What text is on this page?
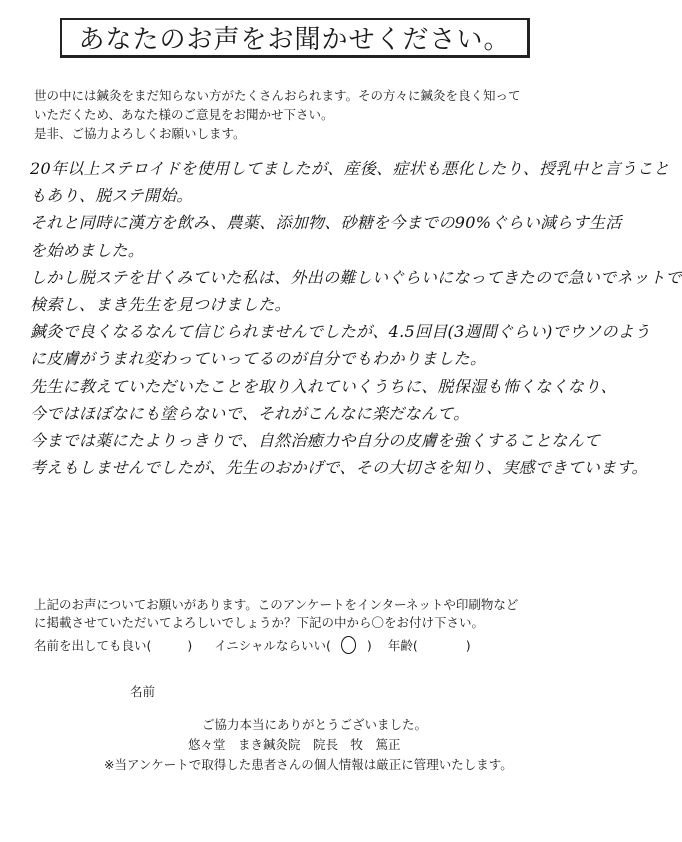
あなたのお声をお聞かせください。
世の中には鍼灸をまだ知らない方がたくさんおられます。その方々に鍼灸を良く知って
いただくため、あなた様のご意見をお聞かせ下さい。
是非、ご協力よろしくお願いします。
20年以上ステロイドを使用してましたが、産後、症状も悪化したり、授乳中と言うこと
もあり、脱ステ開始。
それと同時に漢方を飲み、農薬、添加物、砂糖を今までの90%ぐらい減らす生活
を始めました。
しかし脱ステを甘くみていた私は、外出の難しいぐらいになってきたので急いでネットで
検索し、まき先生を見つけました。
鍼灸で良くなるなんて信じられませんでしたが、4.5回目(3週間ぐらい)でウソのよう
に皮膚がうまれ変わっていってるのが自分でもわかりました。
先生に教えていただいたことを取り入れていくうちに、脱保湿も怖くなくなり、
今ではほぼなにも塗らないで、それがこんなに楽だなんて。
今までは薬にたよりっきりで、自然治癒力や自分の皮膚を強くすることなんて
考えもしませんでしたが、先生のおかげで、その大切さを知り、実感できています。
上記のお声についてお願いがあります。このアンケートをインターネットや印刷物など
に掲載させていただいてよろしいでしょうか？下記の中から〇をお付け下さい。
名前を出しても良い(	) イニシャルならいい(	) 年齢(	)
名前
ご協力本当にありがとうございました。
悠々堂　まき鍼灸院　院長　牧　篤正
※当アンケートで取得した患者さんの個人情報は厳正に管理いたします。
